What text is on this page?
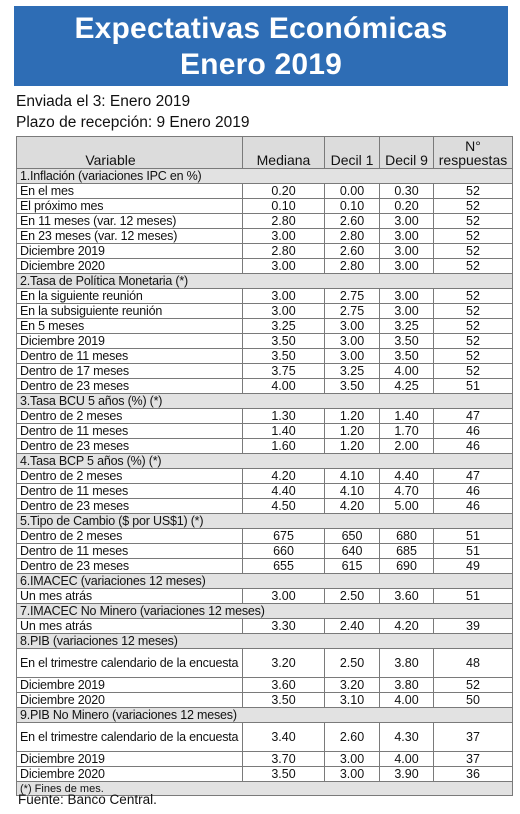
Expectativas Económicas
Enero 2019
Enviada el 3: Enero 2019
Plazo de recepción: 9 Enero 2019
Variable	Mediana	Decil 1	Decil 9	N°
respuestas
1.Inflación (variaciones IPC en %)				
En el mes	0.20	0.00	0.30	52
El próximo mes	0.10	0.10	0.20	52
En 11 meses (var. 12 meses)	2.80	2.60	3.00	52
En 23 meses (var. 12 meses)	3.00	2.80	3.00	52
Diciembre 2019	2.80	2.60	3.00	52
Diciembre 2020	3.00	2.80	3.00	52
2.Tasa de Política Monetaria (*)				
En la siguiente reunión	3.00	2.75	3.00	52
En la subsiguiente reunión	3.00	2.75	3.00	52
En 5 meses	3.25	3.00	3.25	52
Diciembre 2019	3.50	3.00	3.50	52
Dentro de 11 meses	3.50	3.00	3.50	52
Dentro de 17 meses	3.75	3.25	4.00	52
Dentro de 23 meses	4.00	3.50	4.25	51
3.Tasa BCU 5 años (%) (*)				
Dentro de 2 meses	1.30	1.20	1.40	47
Dentro de 11 meses	1.40	1.20	1.70	46
Dentro de 23 meses	1.60	1.20	2.00	46
4.Tasa BCP 5 años (%) (*)				
Dentro de 2 meses	4.20	4.10	4.40	47
Dentro de 11 meses	4.40	4.10	4.70	46
Dentro de 23 meses	4.50	4.20	5.00	46
5.Tipo de Cambio ($ por US$1) (*)				
Dentro de 2 meses	675	650	680	51
Dentro de 11 meses	660	640	685	51
Dentro de 23 meses	655	615	690	49
6.IMACEC (variaciones 12 meses)				
Un mes atrás	3.00	2.50	3.60	51
7.IMACEC No Minero (variaciones 12 meses)				
Un mes atrás	3.30	2.40	4.20	39
8.PIB (variaciones 12 meses)				
En el trimestre calendario de la encuesta	3.20	2.50	3.80	48
Diciembre 2019	3.60	3.20	3.80	52
Diciembre 2020	3.50	3.10	4.00	50
9.PIB No Minero (variaciones 12 meses)				
En el trimestre calendario de la encuesta	3.40	2.60	4.30	37
Diciembre 2019	3.70	3.00	4.00	37
Diciembre 2020	3.50	3.00	3.90	36
(*) Fines de mes.				
Fuente: Banco Central.
